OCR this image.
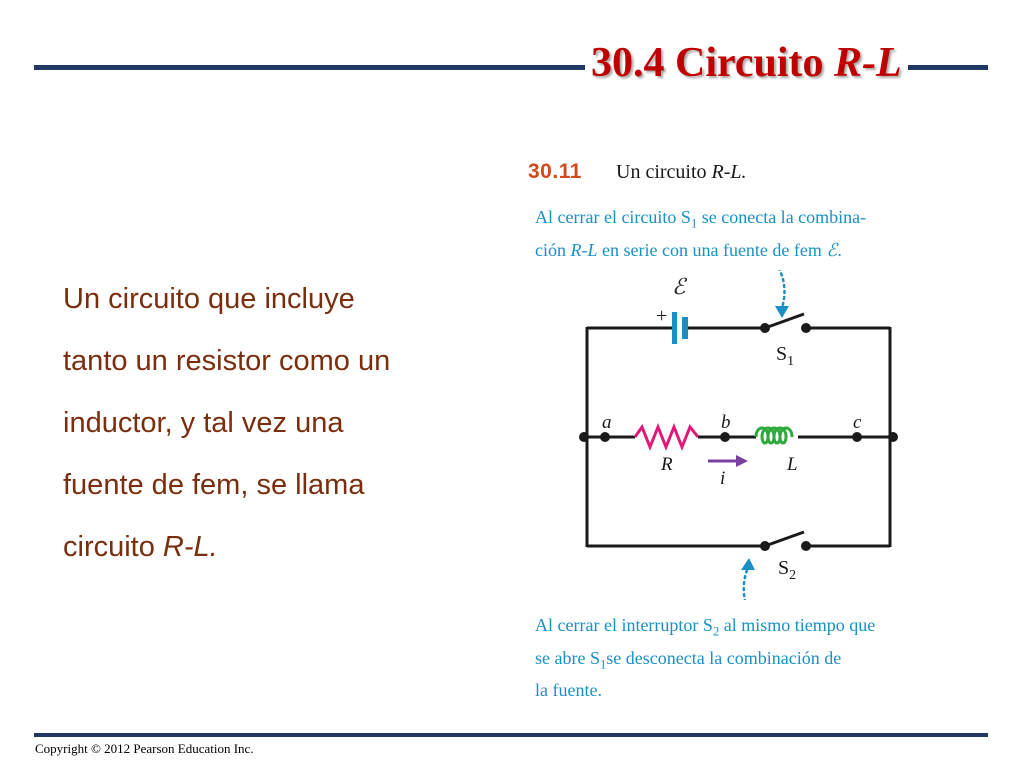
30.4 Circuito R-L

Un circuito que incluye

tanto un resistor como un

inductor, y tal vez una

fuente de fem, se llama

circuito R-L.

30.11 Un circuito R-L.

Al cerrar el circuito $S_1$ se conecta la combina-

ción R-L en serie con una fuente de fem ℰ.

ℰ
+
$S_1$
a	b	c
R	L
i
$S_2$

Al cerrar el interruptor $S_2$ al mismo tiempo que

se abre $S_1se$ desconecta la combinación de

la fuente.

Copyright © 2012 Pearson Education Inc.
